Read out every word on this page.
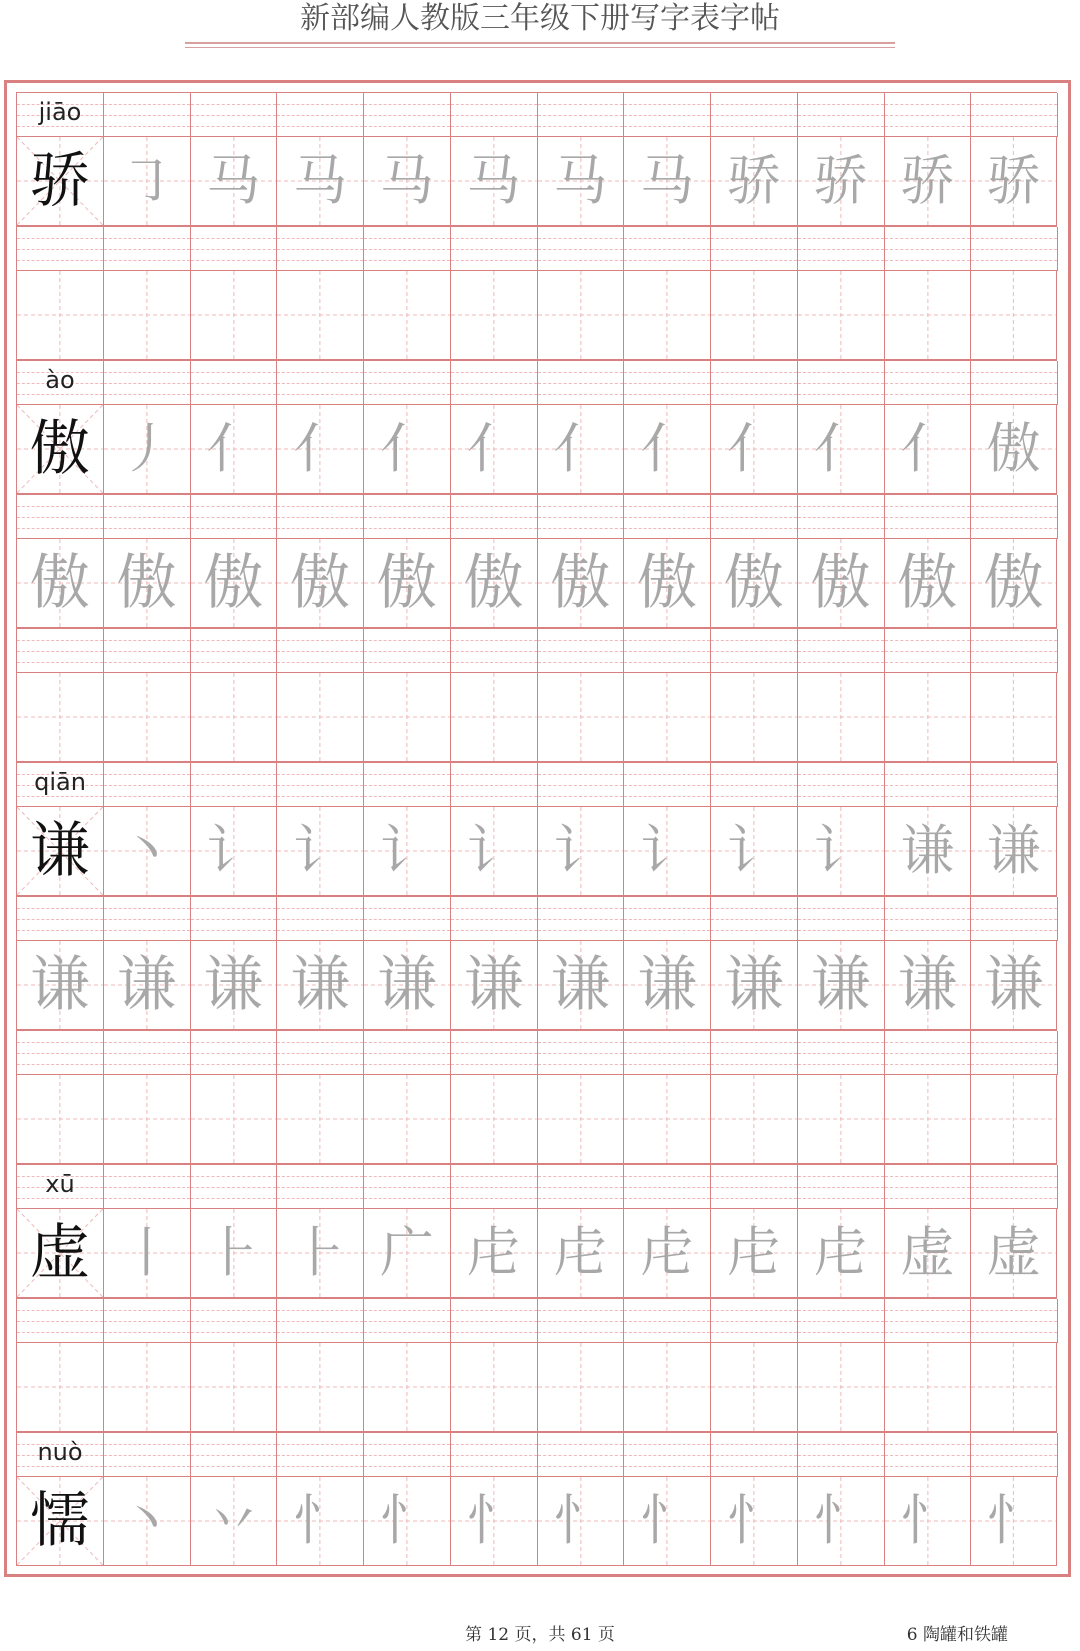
新部编人教版三年级下册写字表字帖
jiāo
骄 ㇆ 马 马 马 马 马 马 骄 骄 骄 骄
ào
傲 丿 亻 亻 亻 亻 亻 亻 亻 亻 亻 傲
傲 傲 傲 傲 傲 傲 傲 傲 傲 傲 傲 傲
qiān
谦 丶 讠 讠 讠 讠 讠 讠 讠 讠 谦 谦
谦 谦 谦 谦 谦 谦 谦 谦 谦 谦 谦 谦
xū
虚 丨 ⺊ ⺊ 广 虍 虍 虍 虍 虍 虚 虚
nuò
懦 丶 丷 忄 忄 忄 忄 忄 忄 忄 忄 忄
第 12 页，共 61 页	6 陶罐和铁罐
